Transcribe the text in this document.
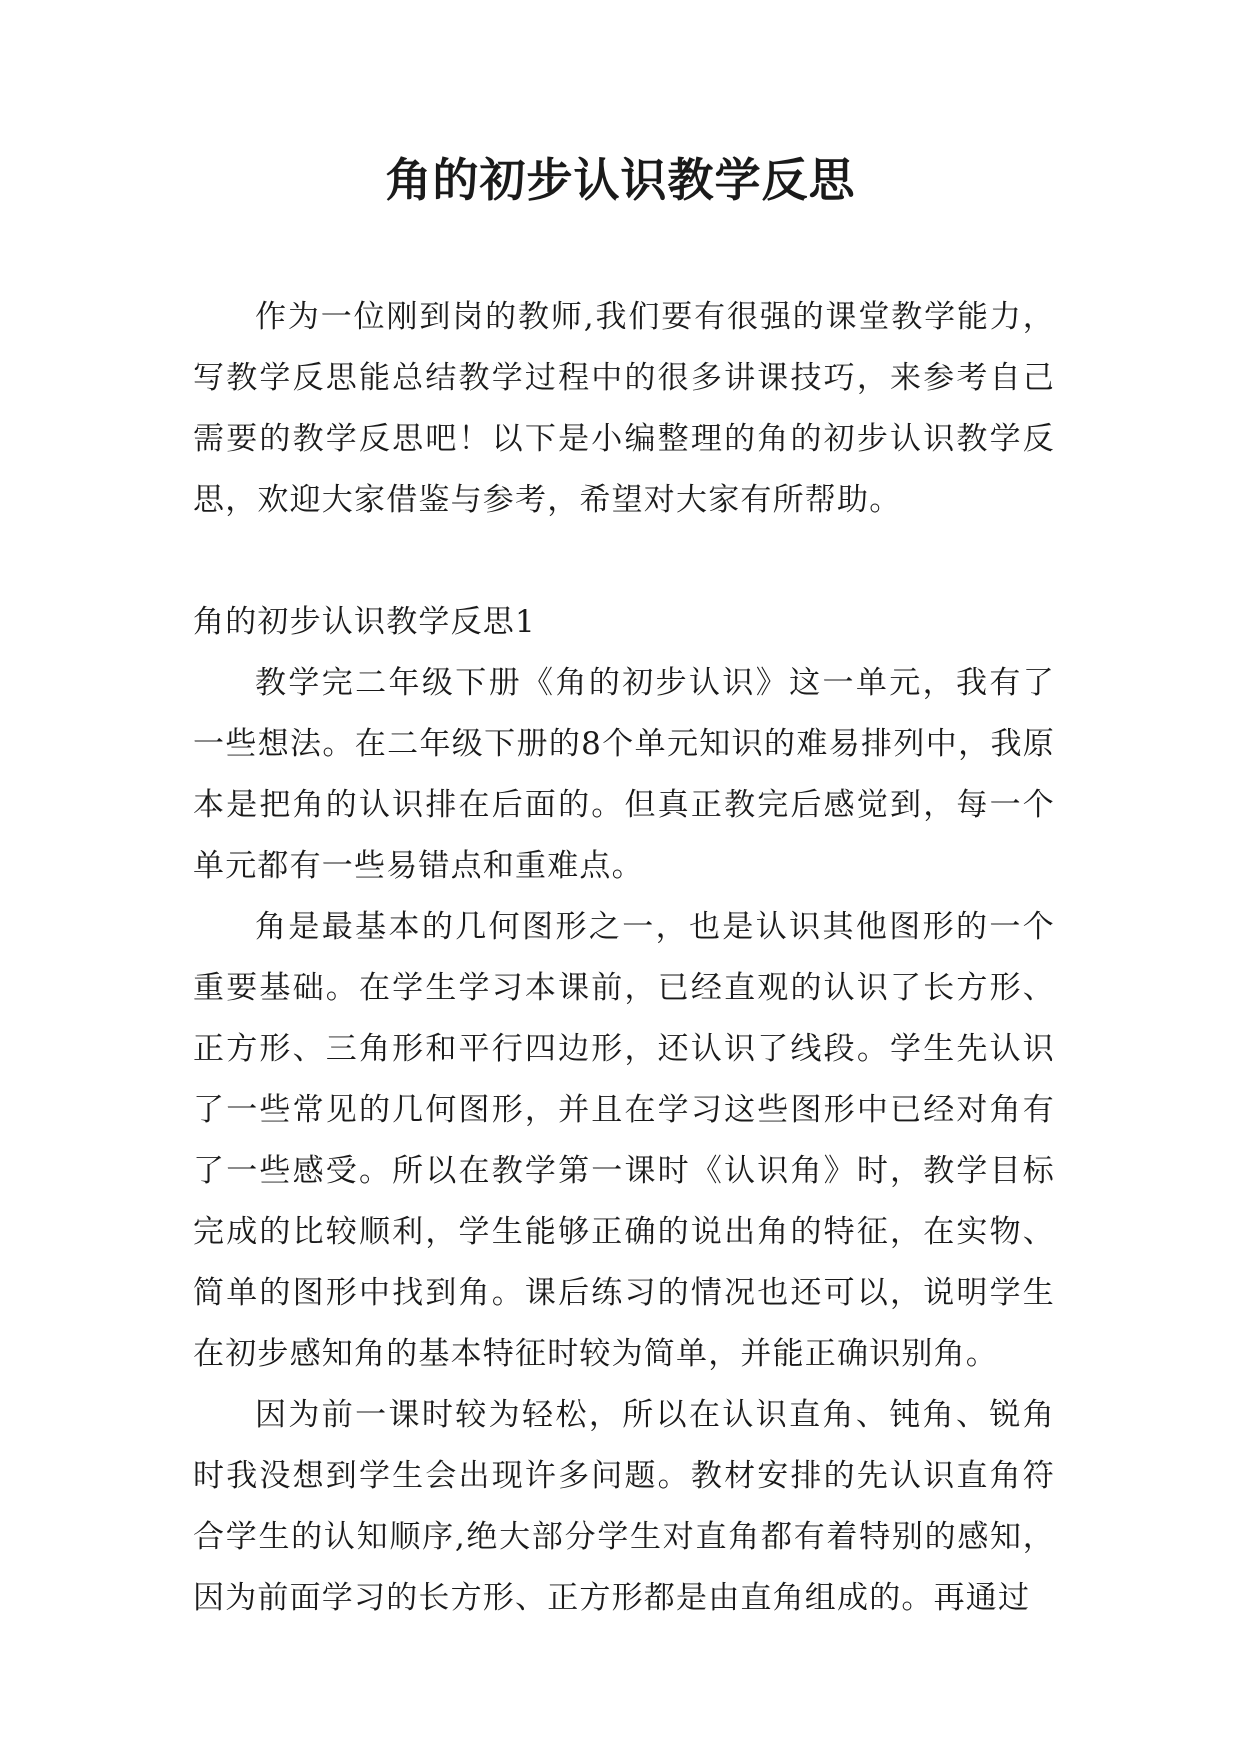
角的初步认识教学反思

作为一位刚到岗的教师,我们要有很强的课堂教学能力，写教学反思能总结教学过程中的很多讲课技巧，来参考自己需要的教学反思吧！以下是小编整理的角的初步认识教学反思，欢迎大家借鉴与参考，希望对大家有所帮助。

角的初步认识教学反思1

教学完二年级下册《角的初步认识》这一单元，我有了一些想法。在二年级下册的8个单元知识的难易排列中，我原本是把角的认识排在后面的。但真正教完后感觉到，每一个单元都有一些易错点和重难点。

角是最基本的几何图形之一，也是认识其他图形的一个重要基础。在学生学习本课前，已经直观的认识了长方形、正方形、三角形和平行四边形，还认识了线段。学生先认识了一些常见的几何图形，并且在学习这些图形中已经对角有了一些感受。所以在教学第一课时《认识角》时，教学目标完成的比较顺利，学生能够正确的说出角的特征，在实物、简单的图形中找到角。课后练习的情况也还可以，说明学生在初步感知角的基本特征时较为简单，并能正确识别角。

因为前一课时较为轻松，所以在认识直角、钝角、锐角时我没想到学生会出现许多问题。教材安排的先认识直角符合学生的认知顺序,绝大部分学生对直角都有着特别的感知，因为前面学习的长方形、正方形都是由直角组成的。再通过
